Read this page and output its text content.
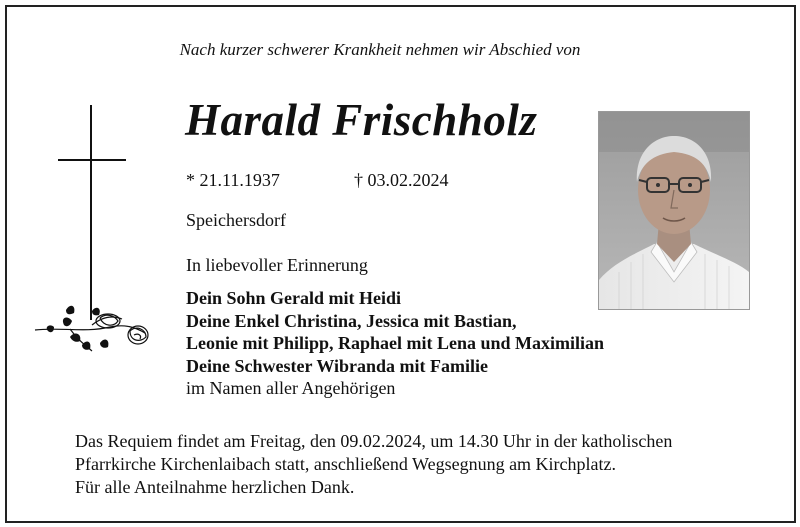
Nach kurzer schwerer Krankheit nehmen wir Abschied von
Harald Frischholz
* 21.11.1937	† 03.02.2024
Speichersdorf
In liebevoller Erinnerung
Dein Sohn Gerald mit Heidi
Deine Enkel Christina, Jessica mit Bastian,
Leonie mit Philipp, Raphael mit Lena und Maximilian
Deine Schwester Wibranda mit Familie
im Namen aller Angehörigen
Das Requiem findet am Freitag, den 09.02.2024, um 14.30 Uhr in der katholischen
Pfarrkirche Kirchenlaibach statt, anschließend Wegsegnung am Kirchplatz.
Für alle Anteilnahme herzlichen Dank.
